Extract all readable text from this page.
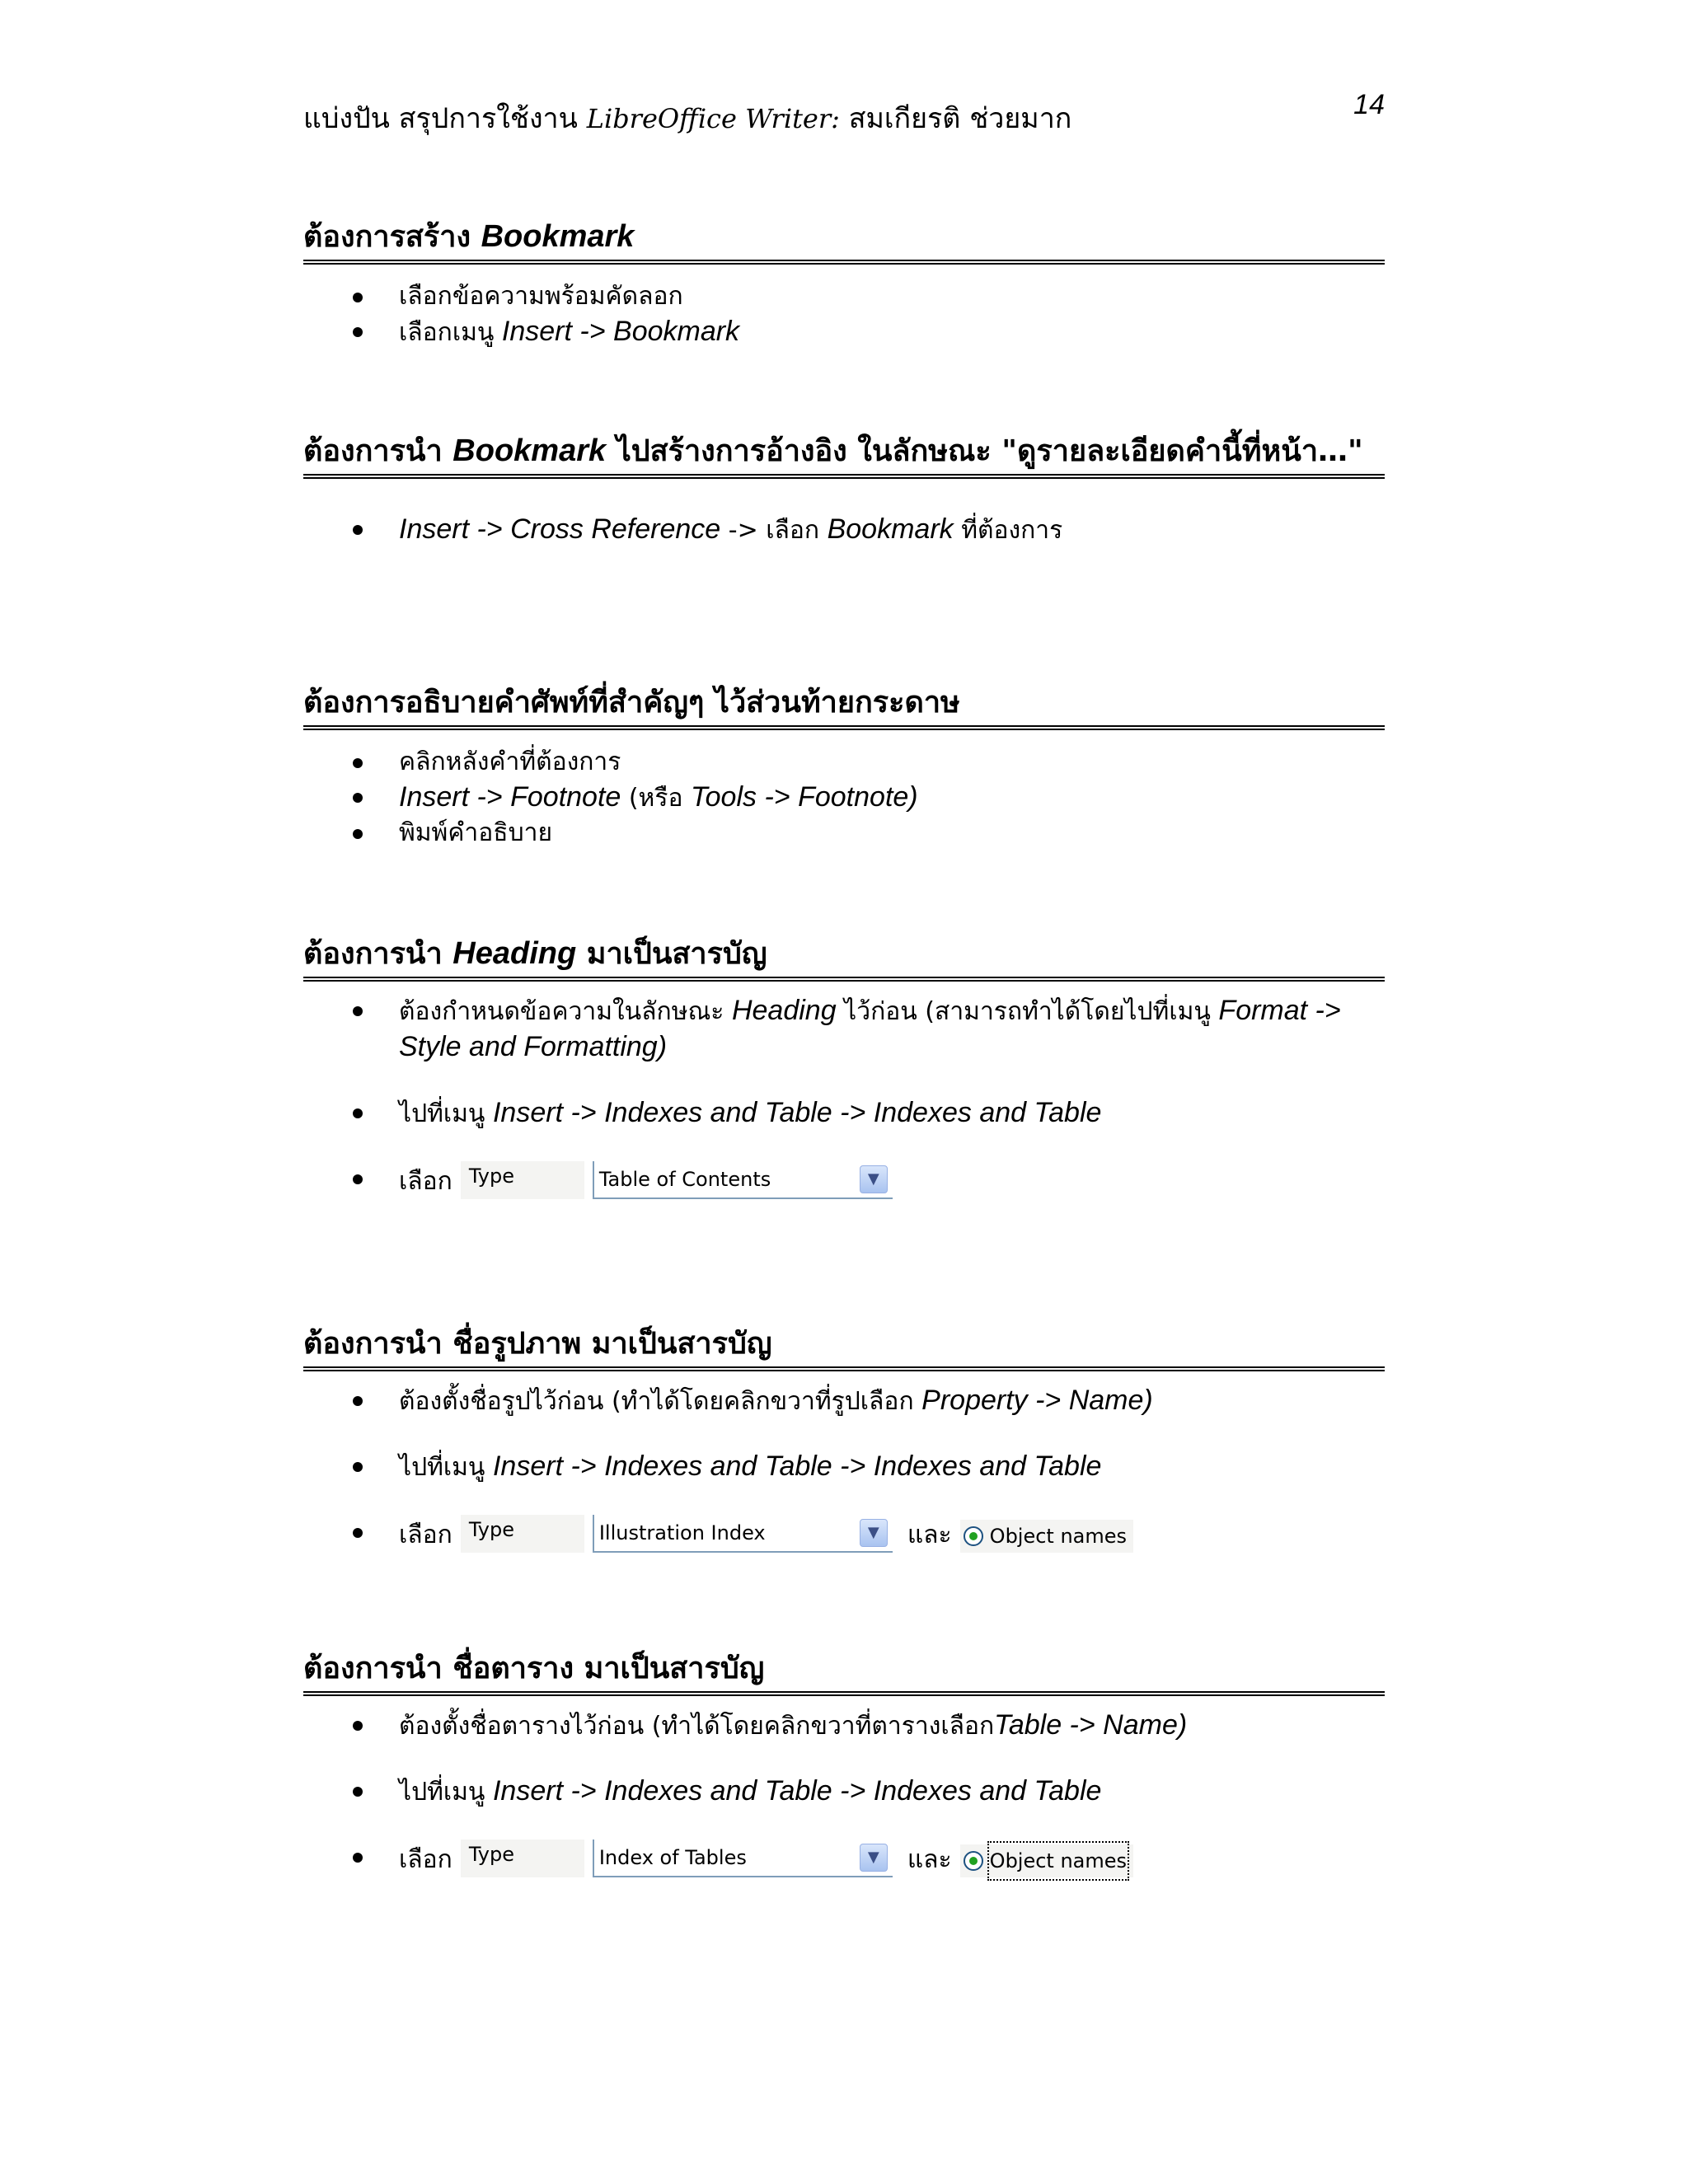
แบ่งปัน สรุปการใช้งาน LibreOffice Writer: สมเกียรติ ช่วยมาก	14
ต้องการสร้าง Bookmark
เลือกข้อความพร้อมคัดลอก
เลือกเมนู Insert -> Bookmark
ต้องการนำ Bookmark ไปสร้างการอ้างอิง ในลักษณะ "ดูรายละเอียดคำนี้ที่หน้า…"
Insert -> Cross Reference -> เลือก Bookmark ที่ต้องการ
ต้องการอธิบายคำศัพท์ที่สำคัญๆ ไว้ส่วนท้ายกระดาษ
คลิกหลังคำที่ต้องการ
Insert -> Footnote (หรือ Tools -> Footnote)
พิมพ์คำอธิบาย
ต้องการนำ Heading มาเป็นสารบัญ
ต้องกำหนดข้อความในลักษณะ Heading ไว้ก่อน (สามารถทำได้โดยไปที่เมนู Format -> Style and Formatting)
ไปที่เมนู Insert -> Indexes and Table -> Indexes and Table
เลือก Type	Table of Contents	▼
ต้องการนำ ชื่อรูปภาพ มาเป็นสารบัญ
ต้องตั้งชื่อรูปไว้ก่อน (ทำได้โดยคลิกขวาที่รูปเลือก Property -> Name)
ไปที่เมนู Insert -> Indexes and Table -> Indexes and Table
เลือก Type	Illustration Index	▼	และ Object names
ต้องการนำ ชื่อตาราง มาเป็นสารบัญ
ต้องตั้งชื่อตารางไว้ก่อน (ทำได้โดยคลิกขวาที่ตารางเลือกTable -> Name)
ไปที่เมนู Insert -> Indexes and Table -> Indexes and Table
เลือก Type	Index of Tables	▼	และ Object names
